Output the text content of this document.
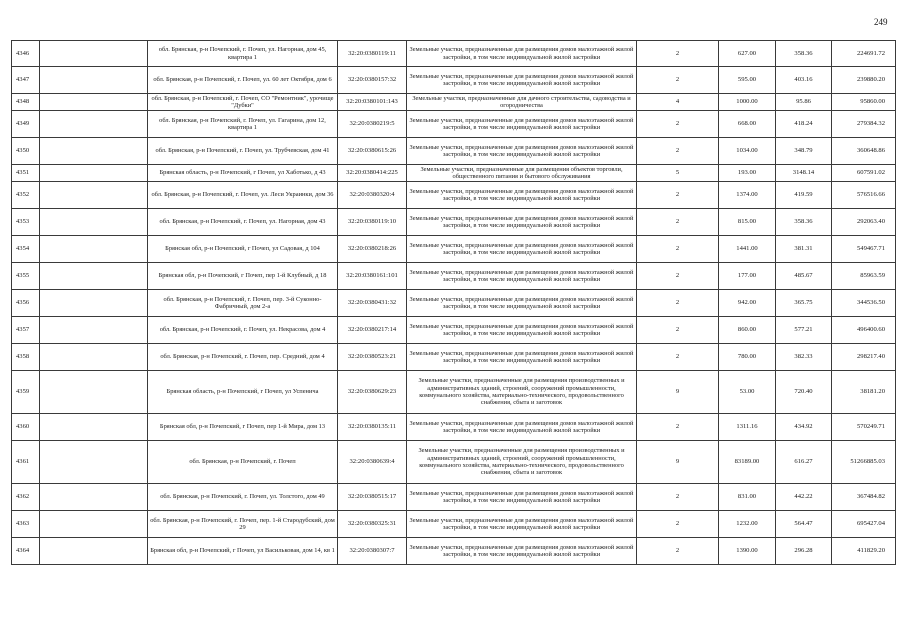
249
4346		обл. Брянская, р-н Почепский, г. Почеп, ул. Нагорная, дом 45, квартира 1	32:20:0380119:11	Земельные участки, предназначенные для размещения домов малоэтажной жилой застройки, в том числе индивидуальной жилой застройки	2	627.00	358.36	224691.72
4347		обл. Брянская, р-н Почепский, г. Почеп, ул. 60 лет Октября, дом 6	32:20:0380157:32	Земельные участки, предназначенные для размещения домов малоэтажной жилой застройки, в том числе индивидуальной жилой застройки	2	595.00	403.16	239880.20
4348		обл. Брянская, р-н Почепский, г. Почеп, СО "Ремонтник", урочище "Дубки"	32:20:0380101:143	Земельные участки, предназначенные для дачного строительства, садоводства и огородничества	4	1000.00	95.86	95860.00
4349		обл. Брянская, р-н Почепский, г. Почеп, ул. Гагарина, дом 12, квартира 1	32:20:0380219:5	Земельные участки, предназначенные для размещения домов малоэтажной жилой застройки, в том числе индивидуальной жилой застройки	2	668.00	418.24	279384.32
4350		обл. Брянская, р-н Почепский, г. Почеп, ул. Трубчевская, дом 41	32:20:0380615:26	Земельные участки, предназначенные для размещения домов малоэтажной жилой застройки, в том числе индивидуальной жилой застройки	2	1034.00	348.79	360648.86
4351		Брянская область, р-н Почепский, г Почеп, ул Хаботько, д 43	32:20:0380414:225	Земельные участки, предназначенные для размещения объектов торговли, общественного питания и бытового обслуживания	5	193.00	3148.14	607591.02
4352		обл. Брянская, р-н Почепский, г. Почеп, ул. Леси Украинки, дом 36	32:20:0380320:4	Земельные участки, предназначенные для размещения домов малоэтажной жилой застройки, в том числе индивидуальной жилой застройки	2	1374.00	419.59	576516.66
4353		обл. Брянская, р-н Почепский, г. Почеп, ул. Нагорная, дом 43	32:20:0380119:10	Земельные участки, предназначенные для размещения домов малоэтажной жилой застройки, в том числе индивидуальной жилой застройки	2	815.00	358.36	292063.40
4354		Брянская обл, р-н Почепский, г Почеп, ул Садовая, д 104	32:20:0380218:26	Земельные участки, предназначенные для размещения домов малоэтажной жилой застройки, в том числе индивидуальной жилой застройки	2	1441.00	381.31	549467.71
4355		Брянская обл, р-н Почепский, г Почеп, пер 1-й Клубный, д 18	32:20:0380161:101	Земельные участки, предназначенные для размещения домов малоэтажной жилой застройки, в том числе индивидуальной жилой застройки	2	177.00	485.67	85963.59
4356		обл. Брянская, р-н Почепский, г. Почеп, пер. 3-й Суконно-Фабричный, дом 2-а	32:20:0380431:32	Земельные участки, предназначенные для размещения домов малоэтажной жилой застройки, в том числе индивидуальной жилой застройки	2	942.00	365.75	344536.50
4357		обл. Брянская, р-н Почепский, г. Почеп, ул. Некрасова, дом 4	32:20:0380217:14	Земельные участки, предназначенные для размещения домов малоэтажной жилой застройки, в том числе индивидуальной жилой застройки	2	860.00	577.21	496400.60
4358		обл. Брянская, р-н Почепский, г. Почеп, пер. Средний, дом 4	32:20:0380523:21	Земельные участки, предназначенные для размещения домов малоэтажной жилой застройки, в том числе индивидуальной жилой застройки	2	780.00	382.33	298217.40
4359		Брянская область, р-н Почепский, г Почеп, ул Успенича	32:20:0380629:23	Земельные участки, предназначенные для размещения производственных и административных зданий, строений, сооружений промышленности, коммунального хозяйства, материально-технического, продовольственного снабжения, сбыта и заготовок	9	53.00	720.40	38181.20
4360		Брянская обл, р-н Почепский, г Почеп, пер 1-й Мира, дом 13	32:20:0380135:11	Земельные участки, предназначенные для размещения домов малоэтажной жилой застройки, в том числе индивидуальной жилой застройки	2	1311.16	434.92	570249.71
4361		обл. Брянская, р-н Почепский, г. Почеп	32:20:0380639:4	Земельные участки, предназначенные для размещения производственных и административных зданий, строений, сооружений промышленности, коммунального хозяйства, материально-технического, продовольственного снабжения, сбыта и заготовок	9	83189.00	616.27	51266885.03
4362		обл. Брянская, р-н Почепский, г. Почеп, ул. Толстого, дом 49	32:20:0380515:17	Земельные участки, предназначенные для размещения домов малоэтажной жилой застройки, в том числе индивидуальной жилой застройки	2	831.00	442.22	367484.82
4363		обл. Брянская, р-н Почепский, г. Почеп, пер. 1-й Стародубский, дом 29	32:20:0380325:31	Земельные участки, предназначенные для размещения домов малоэтажной жилой застройки, в том числе индивидуальной жилой застройки	2	1232.00	564.47	695427.04
4364		Брянская обл, р-н Почепский, г Почеп, ул Васильковая, дом 14, кв 1	32:20:0380307:7	Земельные участки, предназначенные для размещения домов малоэтажной жилой застройки, в том числе индивидуальной жилой застройки	2	1390.00	296.28	411829.20
